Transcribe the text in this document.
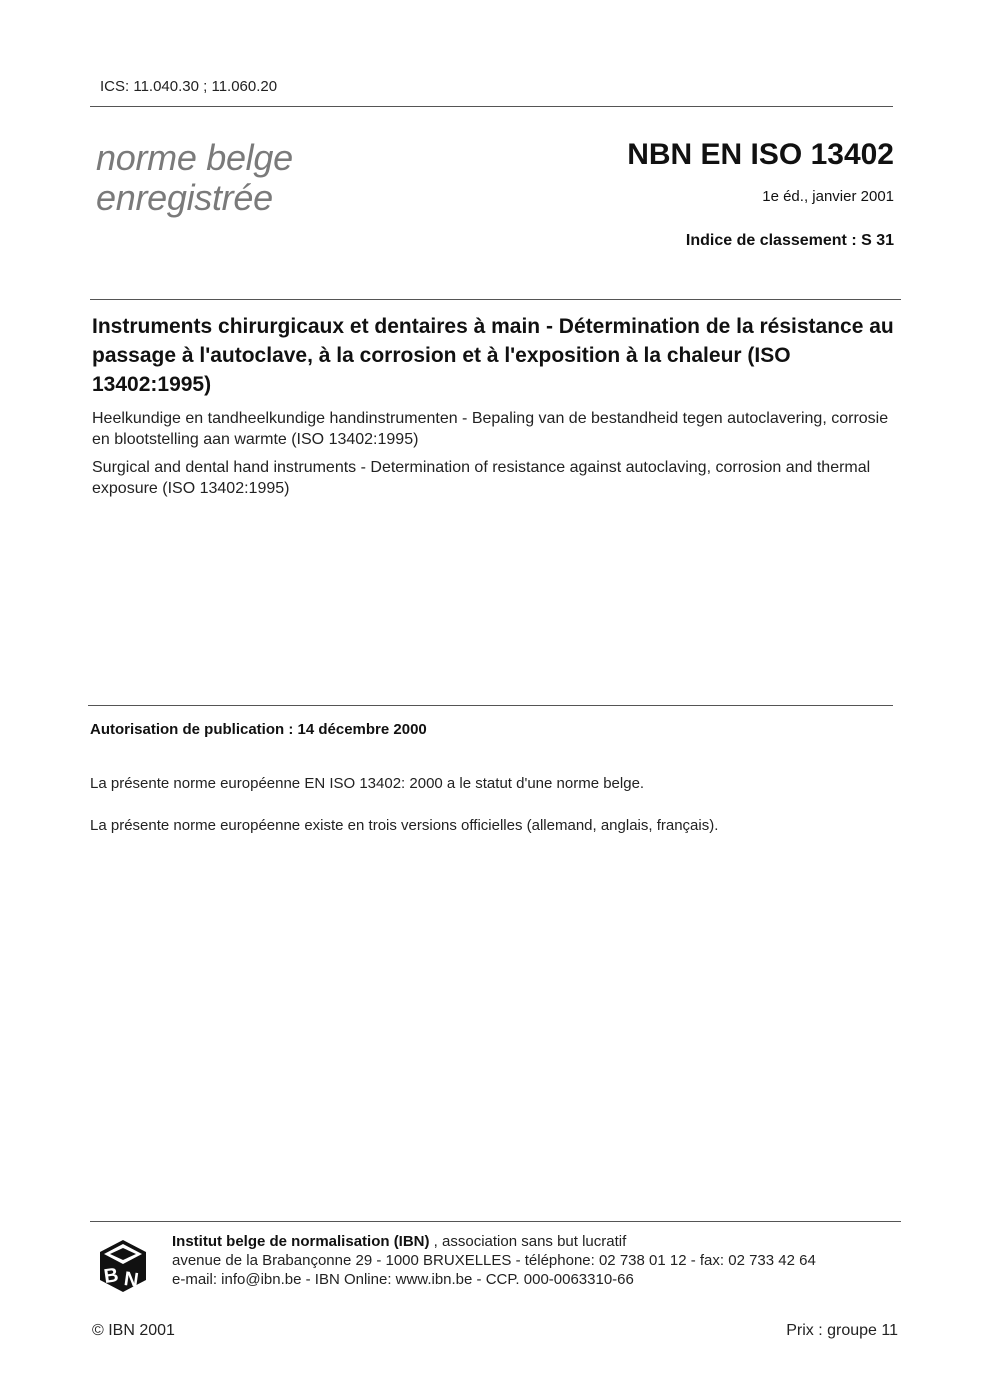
ICS: 11.040.30 ; 11.060.20
norme belge
enregistrée
NBN EN ISO 13402
1e éd., janvier 2001
Indice de classement : S 31
Instruments chirurgicaux et dentaires à main - Détermination de la résistance au passage à l'autoclave, à la corrosion et à l'exposition à la chaleur (ISO 13402:1995)
Heelkundige en tandheelkundige handinstrumenten - Bepaling van de bestandheid tegen autoclavering, corrosie en blootstelling aan warmte (ISO 13402:1995)
Surgical and dental hand instruments - Determination of resistance against autoclaving, corrosion and thermal exposure (ISO 13402:1995)
Autorisation de publication : 14 décembre 2000
La présente norme européenne EN ISO 13402: 2000 a le statut d'une norme belge.
La présente norme européenne existe en trois versions officielles (allemand, anglais, français).
B N
Institut belge de normalisation (IBN) , association sans but lucratif
avenue de la Brabançonne 29 - 1000 BRUXELLES - téléphone: 02 738 01 12 - fax: 02 733 42 64
e-mail: info@ibn.be - IBN Online: www.ibn.be - CCP. 000-0063310-66
© IBN 2001	Prix : groupe 11
